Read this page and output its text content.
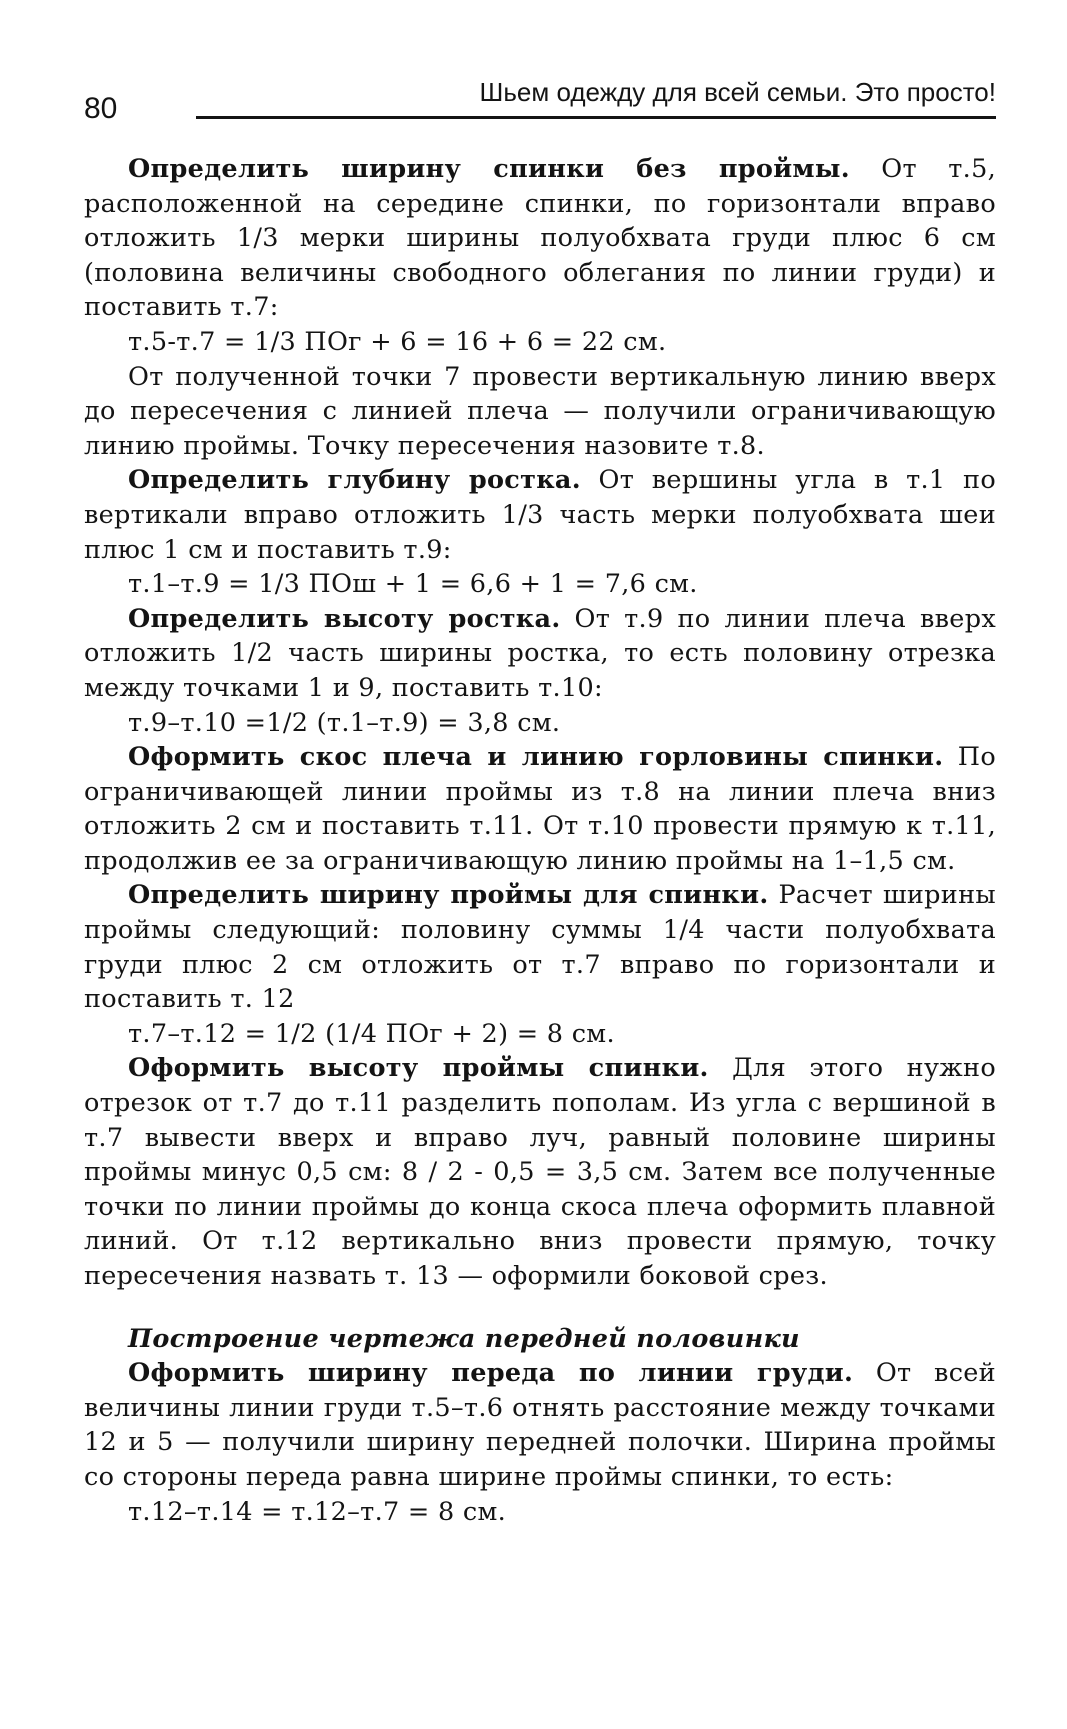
80	Шьем одежду для всей семьи. Это просто!

Определить ширину спинки без проймы. От т.5, расположенной на середине спинки, по горизонтали вправо отложить 1/3 мерки ширины полуобхвата груди плюс 6 см (половина величины свободного облегания по линии груди) и поставить т.7:

т.5-т.7 = 1/3 ПОг + 6 = 16 + 6 = 22 см.

От полученной точки 7 провести вертикальную линию вверх до пересечения с линией плеча — получили ограничивающую линию проймы. Точку пересечения назовите т.8.

Определить глубину ростка. От вершины угла в т.1 по вертикали вправо отложить 1/3 часть мерки полуобхвата шеи плюс 1 см и поставить т.9:

т.1–т.9 = 1/3 ПОш + 1 = 6,6 + 1 = 7,6 см.

Определить высоту ростка. От т.9 по линии плеча вверх отложить 1/2 часть ширины ростка, то есть половину отрезка между точками 1 и 9, поставить т.10:

т.9–т.10 =1/2 (т.1–т.9) = 3,8 см.

Оформить скос плеча и линию горловины спинки. По ограничивающей линии проймы из т.8 на линии плеча вниз отложить 2 см и поставить т.11. От т.10 провести прямую к т.11, продолжив ее за ограничивающую линию проймы на 1–1,5 см.

Определить ширину проймы для спинки. Расчет ширины проймы следующий: половину суммы 1/4 части полуобхвата груди плюс 2 см отложить от т.7 вправо по горизонтали и поставить т. 12

т.7–т.12 = 1/2 (1/4 ПОг + 2) = 8 см.

Оформить высоту проймы спинки. Для этого нужно отрезок от т.7 до т.11 разделить пополам. Из угла с вершиной в т.7 вывести вверх и вправо луч, равный половине ширины проймы минус 0,5 см: 8 / 2 - 0,5 = 3,5 см. Затем все полученные точки по линии проймы до конца скоса плеча оформить плавной линий. От т.12 вертикально вниз провести прямую, точку пересечения назвать т. 13 — оформили боковой срез.

Построение чертежа передней половинки

Оформить ширину переда по линии груди. От всей величины линии груди т.5–т.6 отнять расстояние между точками 12 и 5 — получили ширину передней полочки. Ширина проймы со стороны переда равна ширине проймы спинки, то есть:

т.12–т.14 = т.12–т.7 = 8 см.
